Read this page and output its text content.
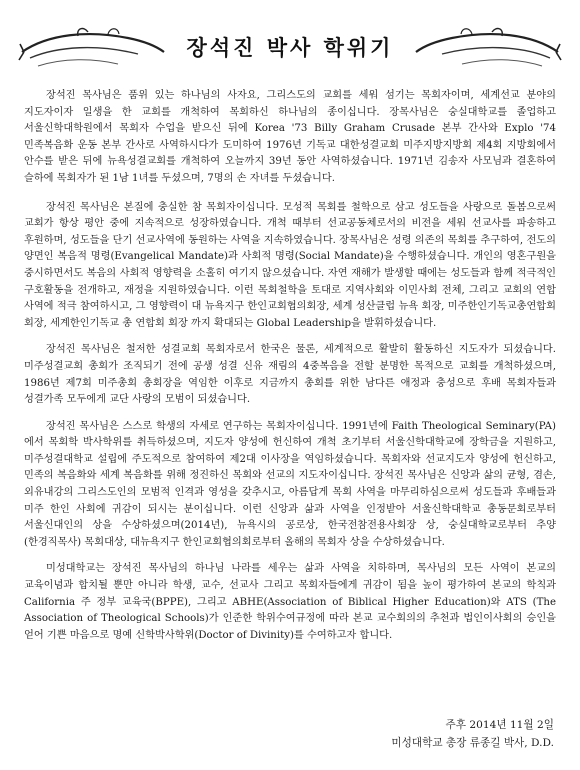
장석진 박사 학위기

장석진 목사님은 품위 있는 하나님의 사자요, 그리스도의 교회를 세워 섬기는 목회자이며, 세계선교 분야의 지도자이자 일생을 한 교회를 개척하여 목회하신 하나님의 종이십니다. 장목사님은 숭실대학교를 졸업하고 서울신학대학원에서 목회자 수업을 받으신 뒤에 Korea '73 Billy Graham Crusade 본부 간사와 Explo '74 민족복음화 운동 본부 간사로 사역하시다가 도미하여 1976년 기독교 대한성결교회 미주지방지방회 제4회 지방회에서 안수를 받은 뒤에 뉴욕성결교회를 개척하여 오늘까지 39년 동안 사역하셨습니다. 1971년 김송자 사모님과 결혼하여 슬하에 목회자가 된 1남 1녀를 두셨으며, 7명의 손 자녀를 두셨습니다.

장석진 목사님은 본질에 충실한 참 목회자이십니다. 모성적 목회를 철학으로 삼고 성도들을 사랑으로 돌봄으로써 교회가 항상 평안 중에 지속적으로 성장하였습니다. 개척 때부터 선교공동체로서의 비전을 세워 선교사를 파송하고 후원하며, 성도들을 단기 선교사역에 동원하는 사역을 지속하였습니다. 장목사님은 성령 의존의 목회를 추구하여, 전도의 양면인 복음적 명령(Evangelical Mandate)과 사회적 명령(Social Mandate)을 수행하셨습니다. 개인의 영혼구원을 중시하면서도 복음의 사회적 영향력을 소홀히 여기지 않으셨습니다. 자연 재해가 발생할 때에는 성도들과 함께 적극적인 구호활동을 전개하고, 재정을 지원하였습니다. 이런 목회철학을 토대로 지역사회와 이민사회 전체, 그리고 교회의 연합 사역에 적극 참여하시고, 그 영향력이 대 뉴욕지구 한인교회협의회장, 세계 성산클럽 뉴욕 회장, 미주한인기독교총연합회 회장, 세계한인기독교 총 연합회 회장 까지 확대되는 Global Leadership을 발휘하셨습니다.

장석진 목사님은 철저한 성결교회 목회자로서 한국은 물론, 세계적으로 활발히 활동하신 지도자가 되셨습니다. 미주성결교회 총회가 조직되기 전에 공생 성결 신유 재림의 4중복음을 전할 분명한 목적으로 교회를 개척하셨으며, 1986년 제7회 미주총회 총회장을 역임한 이후로 지금까지 총회를 위한 남다른 애정과 충성으로 후배 목회자들과 성결가족 모두에게 교단 사랑의 모범이 되셨습니다.

장석진 목사님은 스스로 학생의 자세로 연구하는 목회자이십니다. 1991년에 Faith Theological Seminary(PA)에서 목회학 박사학위를 취득하셨으며, 지도자 양성에 헌신하여 개척 초기부터 서울신학대학교에 장학금을 지원하고, 미주성결대학교 설립에 주도적으로 참여하여 제2대 이사장을 역임하셨습니다. 목회자와 선교지도자 양성에 헌신하고, 민족의 복음화와 세계 복음화를 위해 정진하신 목회와 선교의 지도자이십니다. 장석진 목사님은 신앙과 삶의 균형, 겸손, 외유내강의 그리스도인의 모범적 인격과 영성을 갖추시고, 아름답게 목회 사역을 마무리하심으로써 성도들과 후배들과 미주 한인 사회에 귀감이 되시는 분이십니다. 이런 신앙과 삶과 사역을 인정받아 서울신학대학교 총동문회로부터 서울신대인의 상을 수상하셨으며(2014년), 뉴욕시의 공로상, 한국전참전용사회장 상, 숭실대학교로부터 추양(한경직목사) 목회대상, 대뉴욕지구 한인교회협의회로부터 올해의 목회자 상을 수상하셨습니다.

미성대학교는 장석진 목사님의 하나님 나라를 세우는 삶과 사역을 치하하며, 목사님의 모든 사역이 본교의 교육이념과 합치될 뿐만 아니라 학생, 교수, 선교사 그리고 목회자들에게 귀감이 됨을 높이 평가하여 본교의 학칙과 California 주 정부 교육국(BPPE), 그리고 ABHE(Association of Biblical Higher Education)와 ATS (The Association of Theological Schools)가 인준한 학위수여규정에 따라 본교 교수회의의 추천과 법인이사회의 승인을 얻어 기쁜 마음으로 명예 신학박사학위(Doctor of Divinity)를 수여하고자 합니다.

주후 2014년 11월 2일
미성대학교 총장 류종길 박사, D.D.
